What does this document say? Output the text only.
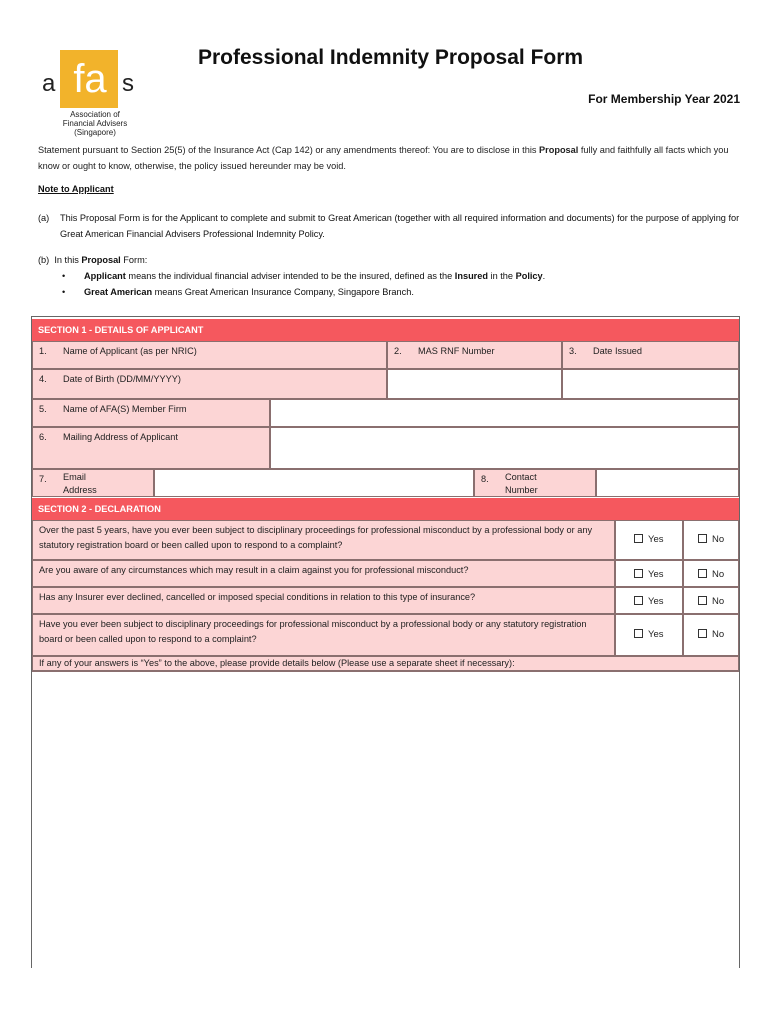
fa
a	s
Association of
Financial Advisers
(Singapore)
Professional Indemnity Proposal Form
For Membership Year 2021
Statement pursuant to Section 25(5) of the Insurance Act (Cap 142) or any amendments thereof: You are to disclose in this Proposal fully and faithfully all facts which you know or ought to know, otherwise, the policy issued hereunder may be void.
Note to Applicant
(a) This Proposal Form is for the Applicant to complete and submit to Great American (together with all required information and documents) for the purpose of applying for Great American Financial Advisers Professional Indemnity Policy.
(b) In this Proposal Form:
• Applicant means the individual financial adviser intended to be the insured, defined as the Insured in the Policy.
• Great American means Great American Insurance Company, Singapore Branch.
SECTION 1 - DETAILS OF APPLICANT
1. Name of Applicant (as per NRIC)	2. MAS RNF Number	3. Date Issued
4. Date of Birth (DD/MM/YYYY)
5. Name of AFA(S) Member Firm
6. Mailing Address of Applicant
7. Email
Address
8. Contact
Number
SECTION 2 - DECLARATION
Over the past 5 years, have you ever been subject to disciplinary proceedings for professional misconduct by a professional body or any statutory registration board or been called upon to respond to a complaint?	Yes	No
Are you aware of any circumstances which may result in a claim against you for professional misconduct?	Yes	No
Has any Insurer ever declined, cancelled or imposed special conditions in relation to this type of insurance?	Yes	No
Have you ever been subject to disciplinary proceedings for professional misconduct by a professional body or any statutory registration board or been called upon to respond to a complaint?	Yes	No
If any of your answers is “Yes” to the above, please provide details below (Please use a separate sheet if necessary):
